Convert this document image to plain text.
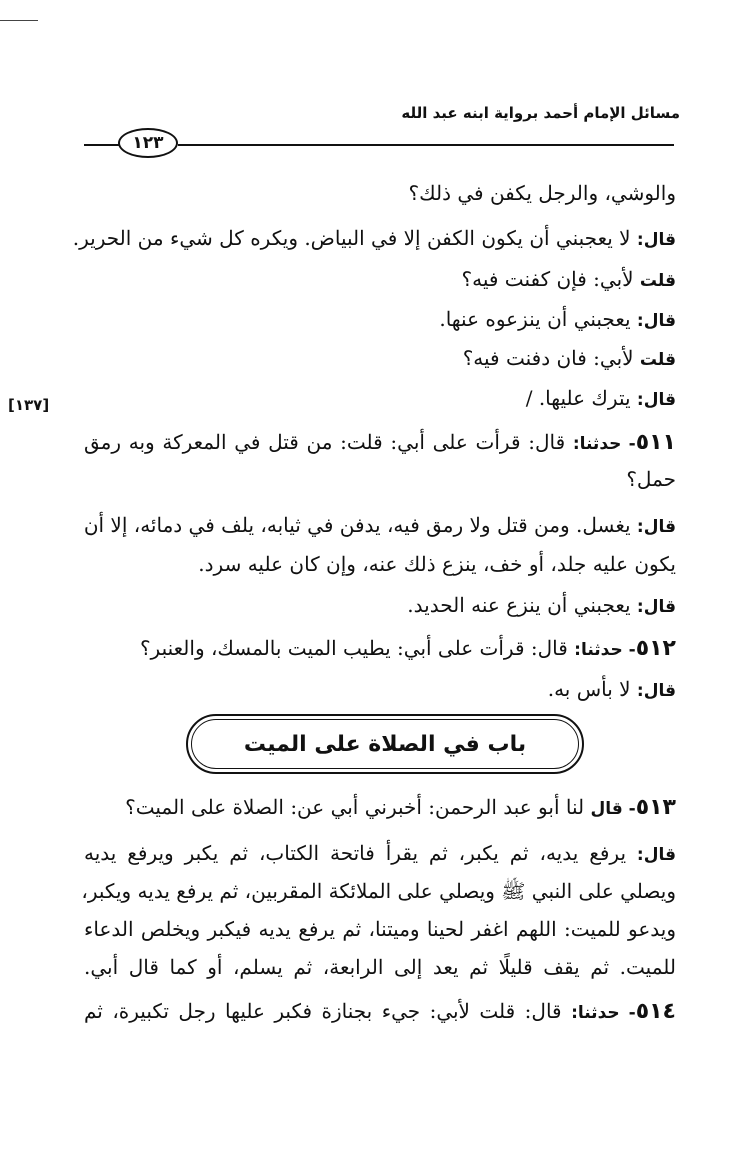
مسائل الإمام أحمد برواية ابنه عبد الله
١٢٣
[١٣٧]
والوشي، والرجل يكفن في ذلك؟
قال: لا يعجبني أن يكون الكفن إلا في البياض. ويكره كل شيء من الحرير.
قلت لأبي: فإن كفنت فيه؟
قال: يعجبني أن ينزعوه عنها.
قلت لأبي: فان دفنت فيه؟
قال: يترك عليها. /
٥١١- حدثنا: قال: قرأت على أبي: قلت: من قتل في المعركة وبه رمق
حمل؟
قال: يغسل. ومن قتل ولا رمق فيه، يدفن في ثيابه، يلف في دمائه، إلا أن
يكون عليه جلد، أو خف، ينزع ذلك عنه، وإن كان عليه سرد.
قال: يعجبني أن ينزع عنه الحديد.
٥١٢- حدثنا: قال: قرأت على أبي: يطيب الميت بالمسك، والعنبر؟
قال: لا بأس به.
باب في الصلاة على الميت
٥١٣- قال لنا أبو عبد الرحمن: أخبرني أبي عن: الصلاة على الميت؟
قال: يرفع يديه، ثم يكبر، ثم يقرأ فاتحة الكتاب، ثم يكبر ويرفع يديه
ويصلي على النبي ﷺ ويصلي على الملائكة المقربين، ثم يرفع يديه ويكبر،
ويدعو للميت: اللهم اغفر لحينا وميتنا، ثم يرفع يديه فيكبر ويخلص الدعاء
للميت. ثم يقف قليلًا ثم يعد إلى الرابعة، ثم يسلم، أو كما قال أبي.
٥١٤- حدثنا: قال: قلت لأبي: جيء بجنازة فكبر عليها رجل تكبيرة، ثم
